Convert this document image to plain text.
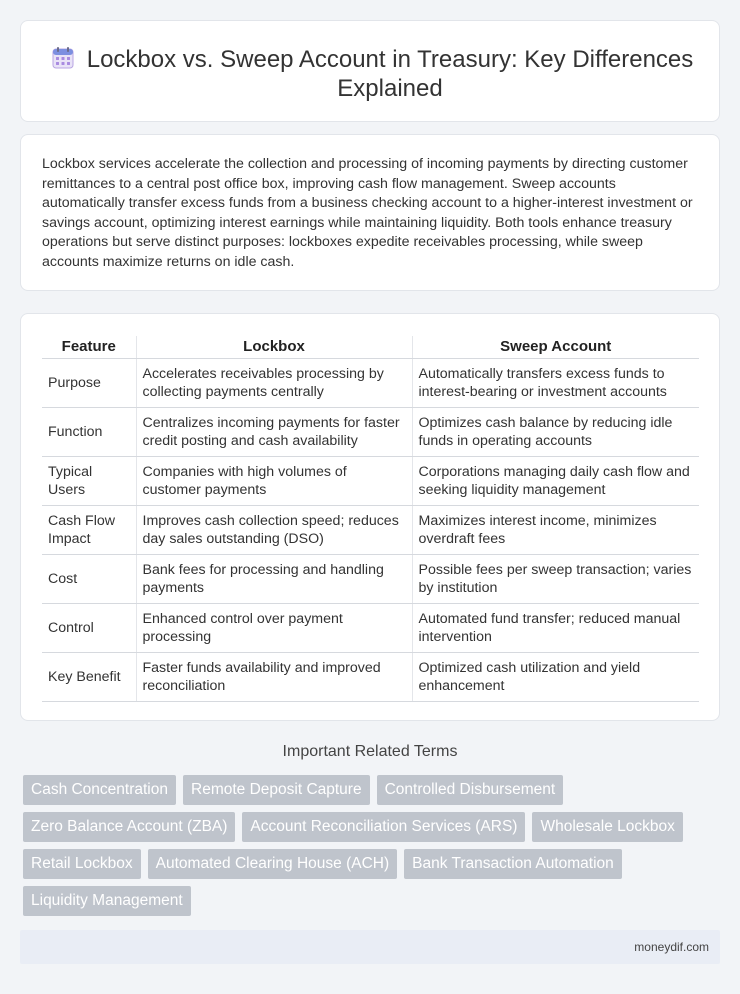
Lockbox vs. Sweep Account in Treasury: Key Differences Explained

Lockbox services accelerate the collection and processing of incoming payments by directing customer remittances to a central post office box, improving cash flow management. Sweep accounts automatically transfer excess funds from a business checking account to a higher-interest investment or savings account, optimizing interest earnings while maintaining liquidity. Both tools enhance treasury operations but serve distinct purposes: lockboxes expedite receivables processing, while sweep accounts maximize returns on idle cash.

Feature	Lockbox	Sweep Account
Purpose	Accelerates receivables processing by collecting payments centrally	Automatically transfers excess funds to interest-bearing or investment accounts
Function	Centralizes incoming payments for faster credit posting and cash availability	Optimizes cash balance by reducing idle funds in operating accounts
Typical Users	Companies with high volumes of customer payments	Corporations managing daily cash flow and seeking liquidity management
Cash Flow Impact	Improves cash collection speed; reduces day sales outstanding (DSO)	Maximizes interest income, minimizes overdraft fees
Cost	Bank fees for processing and handling payments	Possible fees per sweep transaction; varies by institution
Control	Enhanced control over payment processing	Automated fund transfer; reduced manual intervention
Key Benefit	Faster funds availability and improved reconciliation	Optimized cash utilization and yield enhancement
Important Related Terms
Cash Concentration	Remote Deposit Capture	Controlled Disbursement
Zero Balance Account (ZBA)	Account Reconciliation Services (ARS)	Wholesale Lockbox
Retail Lockbox	Automated Clearing House (ACH)	Bank Transaction Automation
Liquidity Management
moneydif.com
